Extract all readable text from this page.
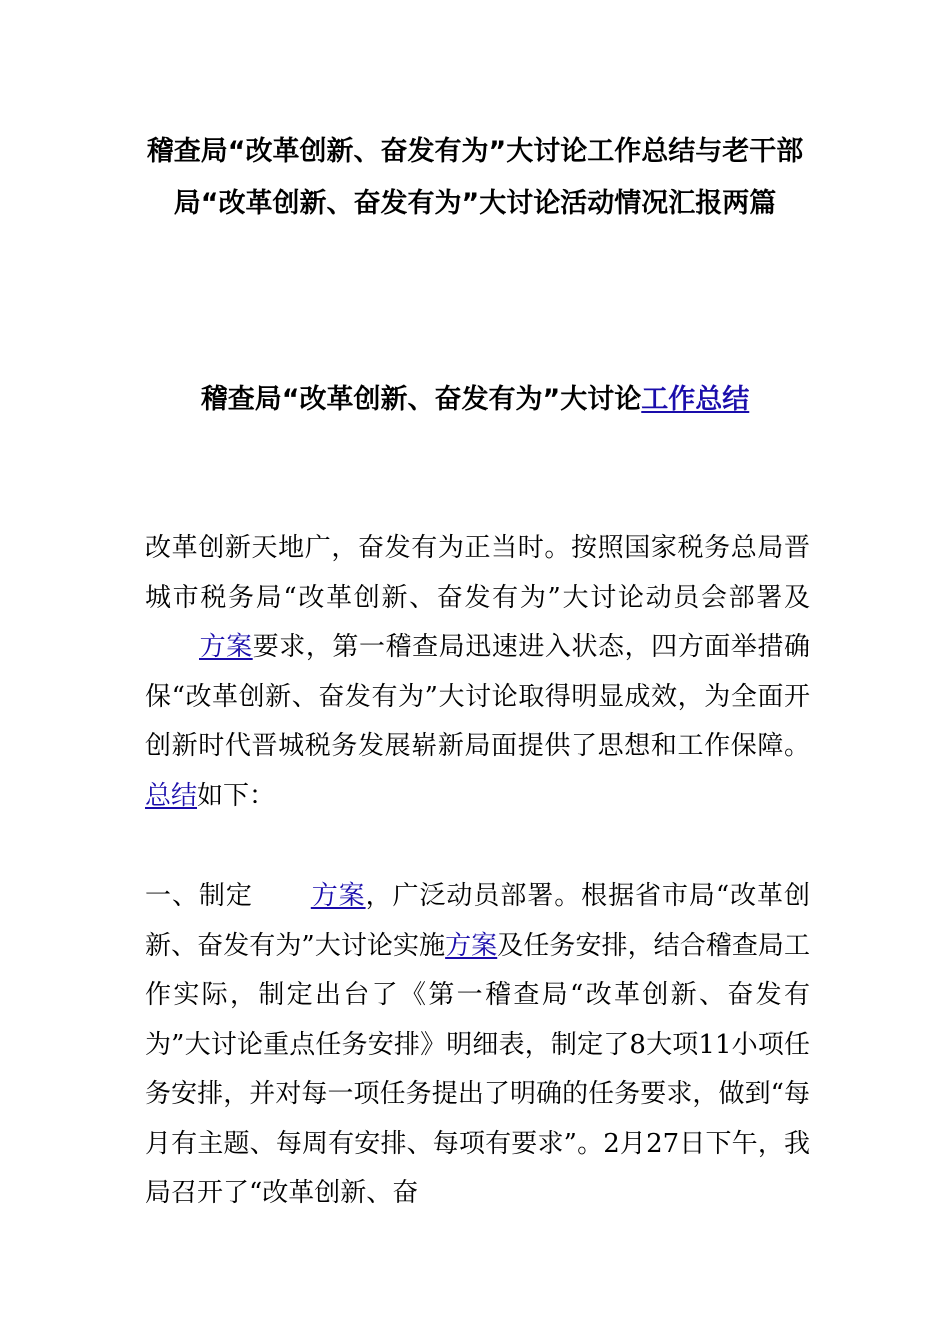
稽查局“改革创新、奋发有为”大讨论工作总结与老干部局“改革创新、奋发有为”大讨论活动情况汇报两篇
稽查局“改革创新、奋发有为”大讨论工作总结

改革创新天地广，奋发有为正当时。按照国家税务总局晋城市税务局“改革创新、奋发有为”大讨论动员会部署及方案要求，第一稽查局迅速进入状态，四方面举措确保“改革创新、奋发有为”大讨论取得明显成效，为全面开创新时代晋城税务发展崭新局面提供了思想和工作保障。总结如下：

一、制定 方案，广泛动员部署。根据省市局“改革创新、奋发有为”大讨论实施方案及任务安排，结合稽查局工作实际，制定出台了《第一稽查局“改革创新、奋发有为”大讨论重点任务安排》明细表，制定了8大项11小项任务安排，并对每一项任务提出了明确的任务要求，做到“每月有主题、每周有安排、每项有要求”。2月27日下午，我局召开了“改革创新、奋
